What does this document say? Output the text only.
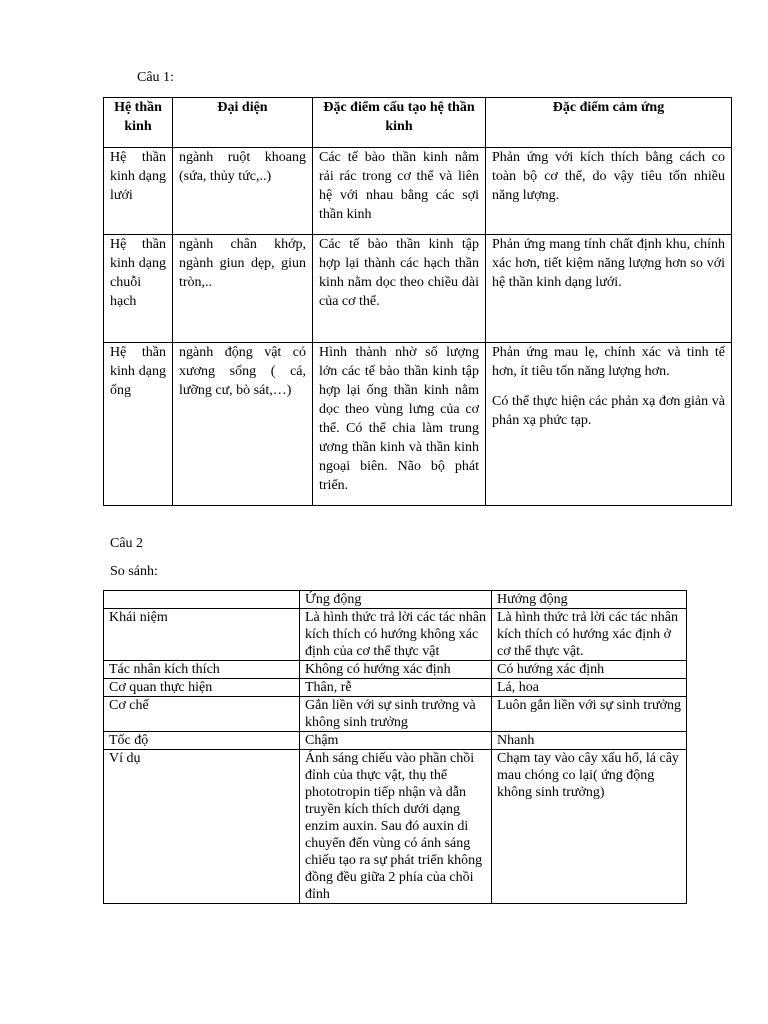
Câu 1:
Hệ thần kinh	Đại diện	Đặc điểm cấu tạo hệ thần kinh	Đặc điểm cảm ứng
Hệ thần kinh dạng lưới	ngành ruột khoang (sứa, thủy tức,..)	Các tế bào thần kinh nằm rải rác trong cơ thể và liên hệ với nhau bằng các sợi thần kinh	Phản ứng với kích thích bằng cách co toàn bộ cơ thể, do vậy tiêu tốn nhiều năng lượng.
Hệ thần kinh dạng chuỗi hạch	ngành chân khớp, ngành giun dẹp, giun tròn,..	Các tế bào thần kinh tập hợp lại thành các hạch thần kinh nằm dọc theo chiều dài của cơ thể.	Phản ứng mang tính chất định khu, chính xác hơn, tiết kiệm năng lượng hơn so với hệ thần kinh dạng lưới.
Hệ thần kinh dạng ống	ngành động vật có xương sống ( cá, lưỡng cư, bò sát,…)	Hình thành nhờ số lượng lớn các tế bào thần kinh tập hợp lại ống thần kinh nằm dọc theo vùng lưng của cơ thể. Có thể chia làm trung ương thần kinh và thần kinh ngoại biên. Não bộ phát triển.	Phản ứng mau lẹ, chính xác và tinh tế hơn, ít tiêu tốn năng lượng hơn.
Có thể thực hiện các phản xạ đơn giản và phản xạ phức tạp.
Câu 2
So sánh:
	Ứng động	Hướng động
Khái niệm	Là hình thức trả lời các tác nhân kích thích có hướng không xác định của cơ thể thực vật	Là hình thức trả lời các tác nhân kích thích có hướng xác định ở cơ thể thực vật.
Tác nhân kích thích	Không có hướng xác định	Có hướng xác định
Cơ quan thực hiện	Thân, rễ	Lá, hoa
Cơ chế	Gắn liền với sự sinh trưởng và không sinh trưởng	Luôn gắn liền với sự sinh trưởng
Tốc độ	Chậm	Nhanh
Ví dụ	Ánh sáng chiếu vào phần chồi đỉnh của thực vật, thụ thể phototropin tiếp nhận và dẫn truyền kích thích dưới dạng enzim auxin. Sau đó auxin di chuyển đến vùng có ánh sáng chiếu tạo ra sự phát triển không đồng đều giữa 2 phía của chồi đỉnh	Chạm tay vào cây xấu hổ, lá cây mau chóng co lại( ứng động không sinh trưởng)
